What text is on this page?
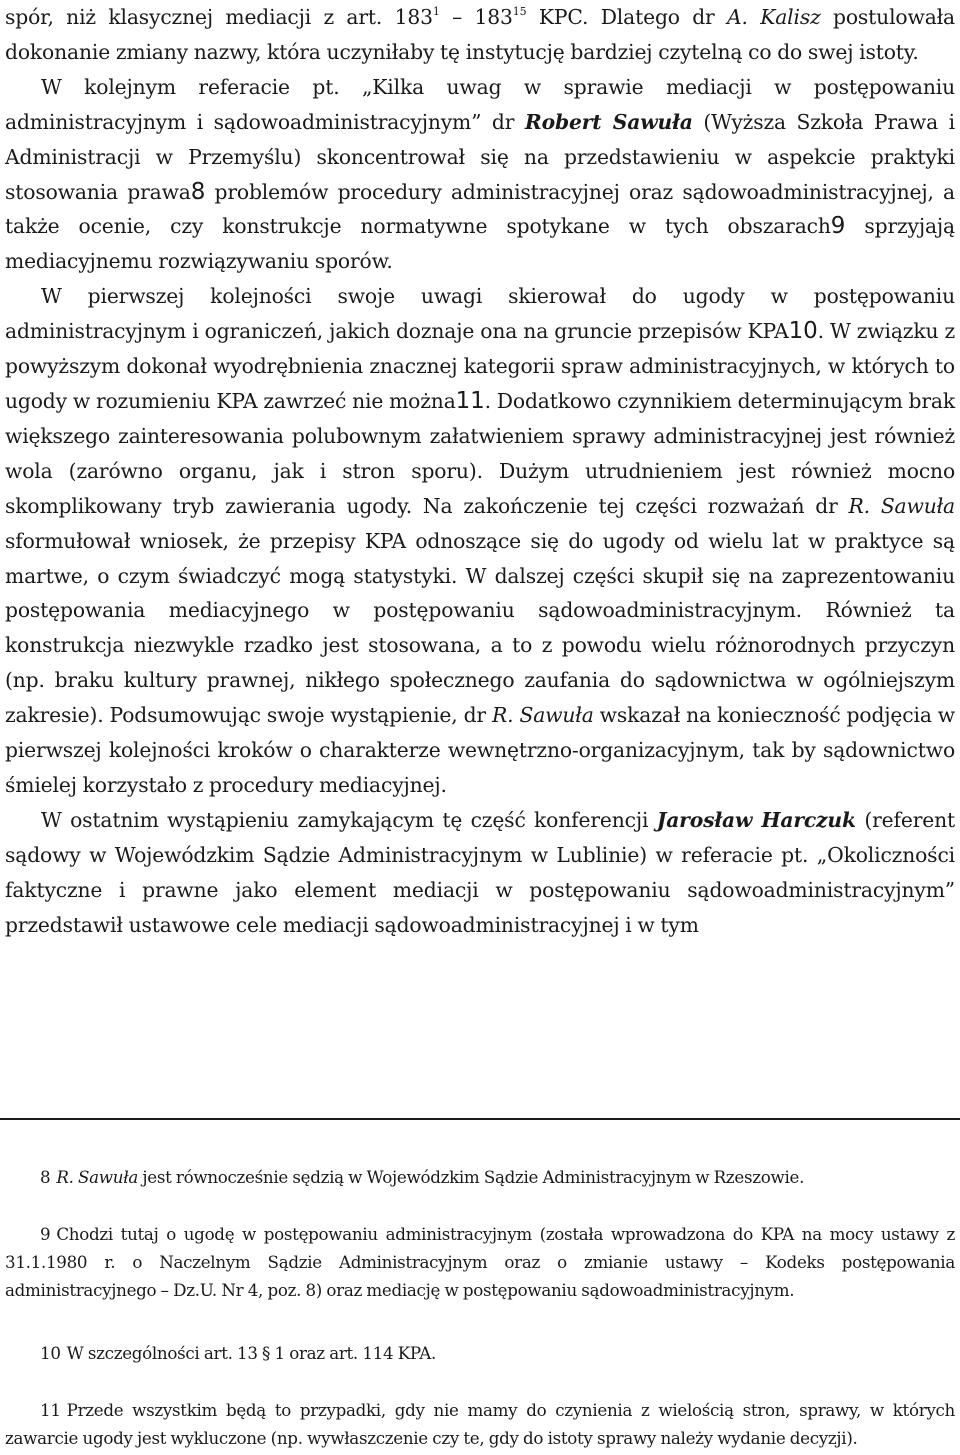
spór, niż klasycznej mediacji z art. $183^1 - 183^{15}$ KPC. Dlatego dr A. Kalisz postulowała dokonanie zmiany nazwy, która uczyniłaby tę instytucję bardziej czytelną co do swej istoty.

W kolejnym referacie pt. „Kilka uwag w sprawie mediacji w postępowaniu administracyjnym i sądowoadministracyjnym” dr Robert Sawuła (Wyższa Szkoła Prawa i Administracji w Przemyślu) skoncentrował się na przedstawieniu w aspekcie praktyki stosowania prawa8 problemów procedury administracyjnej oraz sądowoadministracyjnej, a także ocenie, czy konstrukcje normatywne spotykane w tych obszarach9 sprzyjają mediacyjnemu rozwiązywaniu sporów.

W pierwszej kolejności swoje uwagi skierował do ugody w postępowaniu administracyjnym i ograniczeń, jakich doznaje ona na gruncie przepisów KPA10. W związku z powyższym dokonał wyodrębnienia znacznej kategorii spraw administracyjnych, w których to ugody w rozumieniu KPA zawrzeć nie można11. Dodatkowo czynnikiem determinującym brak większego zainteresowania polubownym załatwieniem sprawy administracyjnej jest również wola (zarówno organu, jak i stron sporu). Dużym utrudnieniem jest również mocno skomplikowany tryb zawierania ugody. Na zakończenie tej części rozważań dr R. Sawuła sformułował wniosek, że przepisy KPA odnoszące się do ugody od wielu lat w praktyce są martwe, o czym świadczyć mogą statystyki. W dalszej części skupił się na zaprezentowaniu postępowania mediacyjnego w postępowaniu sądowoadministracyjnym. Również ta konstrukcja niezwykle rzadko jest stosowana, a to z powodu wielu różnorodnych przyczyn (np. braku kultury prawnej, nikłego społecznego zaufania do sądownictwa w ogólniejszym zakresie). Podsumowując swoje wystąpienie, dr R. Sawuła wskazał na konieczność podjęcia w pierwszej kolejności kroków o charakterze wewnętrzno-organizacyjnym, tak by sądownictwo śmielej korzystało z procedury mediacyjnej.

W ostatnim wystąpieniu zamykającym tę część konferencji Jarosław Harczuk (referent sądowy w Wojewódzkim Sądzie Administracyjnym w Lublinie) w referacie pt. „Okoliczności faktyczne i prawne jako element mediacji w postępowaniu sądowoadministracyjnym” przedstawił ustawowe cele mediacji sądowoadministracyjnej i w tym

8 R. Sawuła jest równocześnie sędzią w Wojewódzkim Sądzie Administracyjnym w Rzeszowie.
9 Chodzi tutaj o ugodę w postępowaniu administracyjnym (została wprowadzona do KPA na mocy ustawy z 31.1.1980 r. o Naczelnym Sądzie Administracyjnym oraz o zmianie ustawy – Kodeks postępowania administracyjnego – Dz.U. Nr 4, poz. 8) oraz mediację w postępowaniu sądowoadministracyjnym.
10 W szczególności art. 13 § 1 oraz art. 114 KPA.
11 Przede wszystkim będą to przypadki, gdy nie mamy do czynienia z wielością stron, sprawy, w których zawarcie ugody jest wykluczone (np. wywłaszczenie czy te, gdy do istoty sprawy należy wydanie decyzji).
